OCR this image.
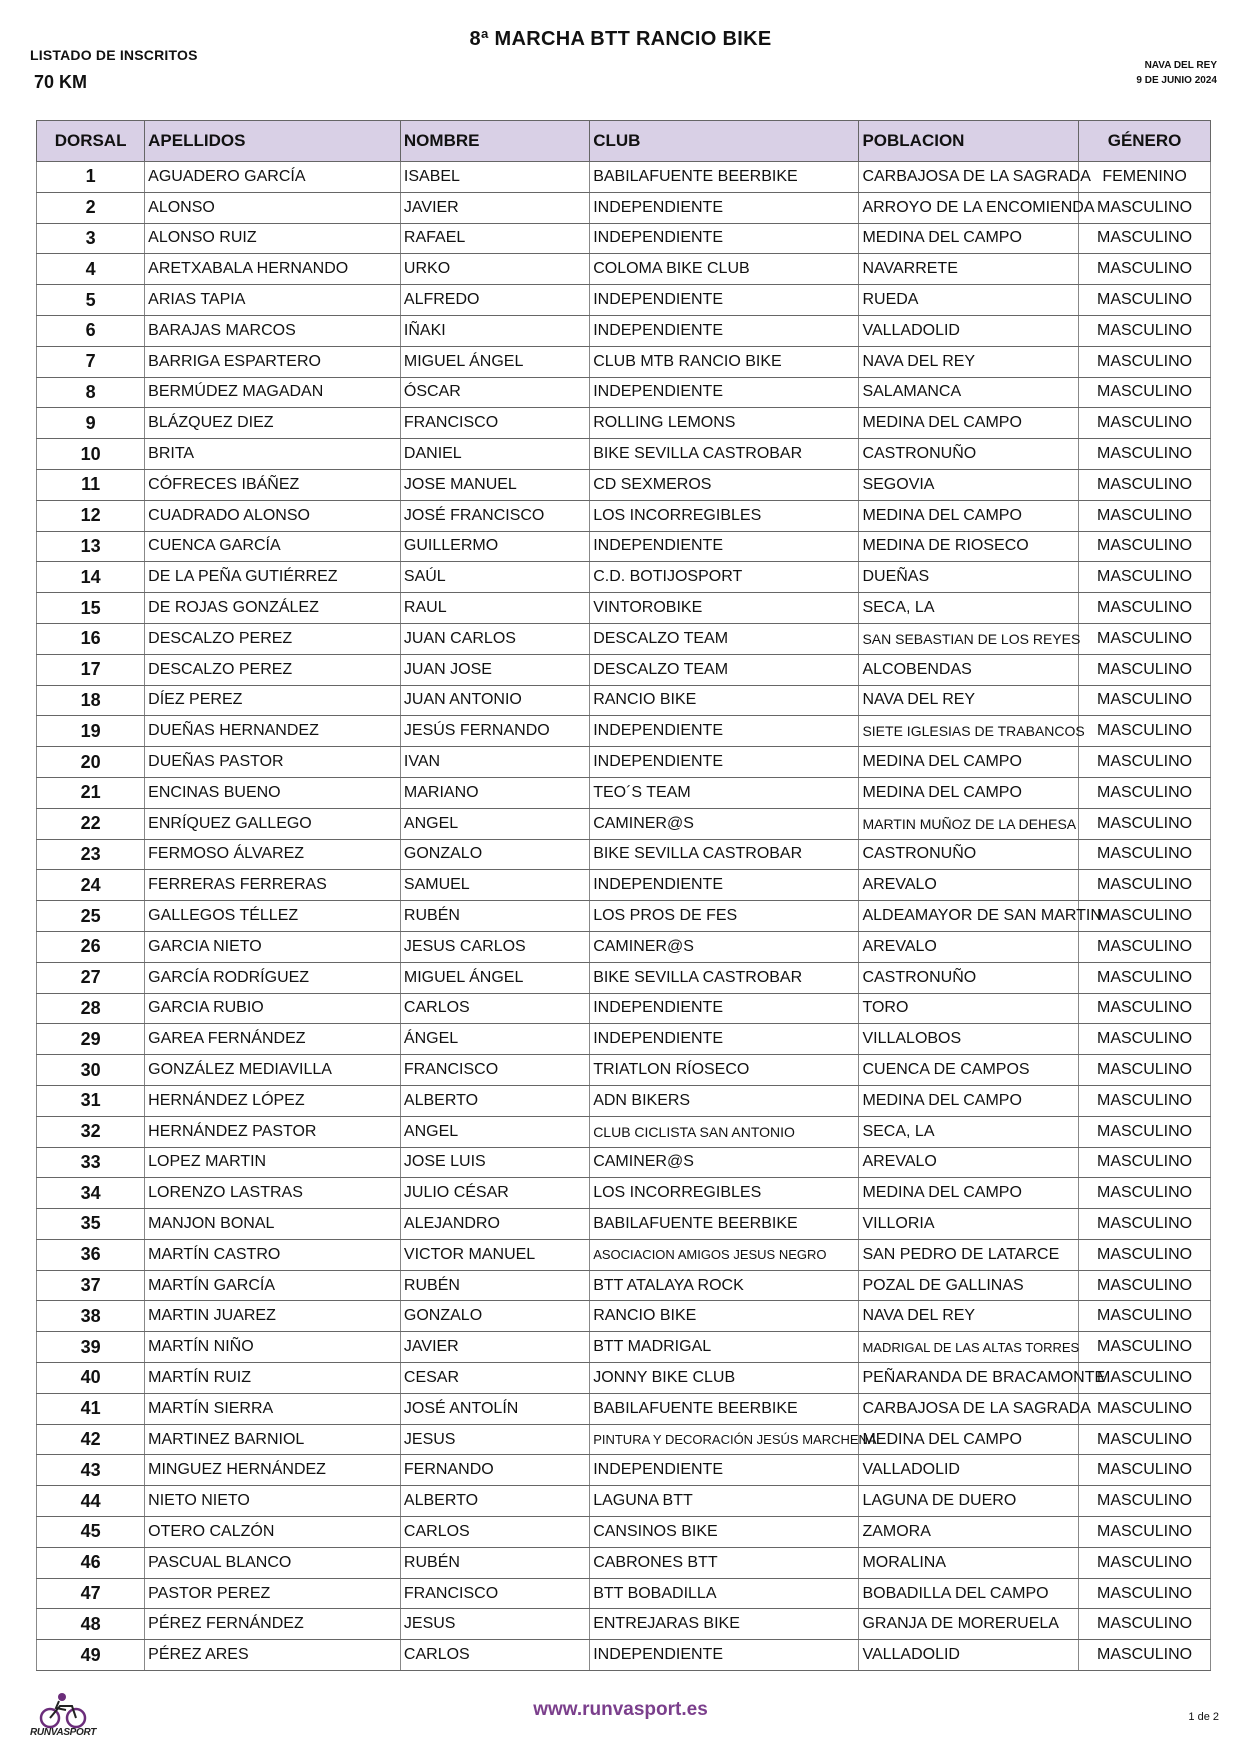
LISTADO DE INSCRITOS
70 KM
8ª MARCHA BTT RANCIO BIKE
NAVA DEL REY
9 DE JUNIO 2024
DORSAL	APELLIDOS	NOMBRE	CLUB	POBLACION	GÉNERO
1	AGUADERO GARCÍA	ISABEL	BABILAFUENTE BEERBIKE	CARBAJOSA DE LA SAGRADA	FEMENINO
2	ALONSO	JAVIER	INDEPENDIENTE	ARROYO DE LA ENCOMIENDA	MASCULINO
3	ALONSO RUIZ	RAFAEL	INDEPENDIENTE	MEDINA DEL CAMPO	MASCULINO
4	ARETXABALA HERNANDO	URKO	COLOMA BIKE CLUB	NAVARRETE	MASCULINO
5	ARIAS TAPIA	ALFREDO	INDEPENDIENTE	RUEDA	MASCULINO
6	BARAJAS MARCOS	IÑAKI	INDEPENDIENTE	VALLADOLID	MASCULINO
7	BARRIGA ESPARTERO	MIGUEL ÁNGEL	CLUB MTB RANCIO BIKE	NAVA DEL REY	MASCULINO
8	BERMÚDEZ MAGADAN	ÓSCAR	INDEPENDIENTE	SALAMANCA	MASCULINO
9	BLÁZQUEZ DIEZ	FRANCISCO	ROLLING LEMONS	MEDINA DEL CAMPO	MASCULINO
10	BRITA	DANIEL	BIKE SEVILLA CASTROBAR	CASTRONUÑO	MASCULINO
11	CÓFRECES IBÁÑEZ	JOSE MANUEL	CD SEXMEROS	SEGOVIA	MASCULINO
12	CUADRADO ALONSO	JOSÉ FRANCISCO	LOS INCORREGIBLES	MEDINA DEL CAMPO	MASCULINO
13	CUENCA GARCÍA	GUILLERMO	INDEPENDIENTE	MEDINA DE RIOSECO	MASCULINO
14	DE LA PEÑA GUTIÉRREZ	SAÚL	C.D. BOTIJOSPORT	DUEÑAS	MASCULINO
15	DE ROJAS GONZÁLEZ	RAUL	VINTOROBIKE	SECA, LA	MASCULINO
16	DESCALZO PEREZ	JUAN CARLOS	DESCALZO TEAM	SAN SEBASTIAN DE LOS REYES	MASCULINO
17	DESCALZO PEREZ	JUAN JOSE	DESCALZO TEAM	ALCOBENDAS	MASCULINO
18	DÍEZ PEREZ	JUAN ANTONIO	RANCIO BIKE	NAVA DEL REY	MASCULINO
19	DUEÑAS HERNANDEZ	JESÚS FERNANDO	INDEPENDIENTE	SIETE IGLESIAS DE TRABANCOS	MASCULINO
20	DUEÑAS PASTOR	IVAN	INDEPENDIENTE	MEDINA DEL CAMPO	MASCULINO
21	ENCINAS BUENO	MARIANO	TEO´S TEAM	MEDINA DEL CAMPO	MASCULINO
22	ENRÍQUEZ GALLEGO	ANGEL	CAMINER@S	MARTIN MUÑOZ DE LA DEHESA	MASCULINO
23	FERMOSO ÁLVAREZ	GONZALO	BIKE SEVILLA CASTROBAR	CASTRONUÑO	MASCULINO
24	FERRERAS FERRERAS	SAMUEL	INDEPENDIENTE	AREVALO	MASCULINO
25	GALLEGOS TÉLLEZ	RUBÉN	LOS PROS DE FES	ALDEAMAYOR DE SAN MARTIN	MASCULINO
26	GARCIA NIETO	JESUS CARLOS	CAMINER@S	AREVALO	MASCULINO
27	GARCÍA RODRÍGUEZ	MIGUEL ÁNGEL	BIKE SEVILLA CASTROBAR	CASTRONUÑO	MASCULINO
28	GARCIA RUBIO	CARLOS	INDEPENDIENTE	TORO	MASCULINO
29	GAREA FERNÁNDEZ	ÁNGEL	INDEPENDIENTE	VILLALOBOS	MASCULINO
30	GONZÁLEZ MEDIAVILLA	FRANCISCO	TRIATLON RÍOSECO	CUENCA DE CAMPOS	MASCULINO
31	HERNÁNDEZ LÓPEZ	ALBERTO	ADN BIKERS	MEDINA DEL CAMPO	MASCULINO
32	HERNÁNDEZ PASTOR	ANGEL	CLUB CICLISTA SAN ANTONIO	SECA, LA	MASCULINO
33	LOPEZ MARTIN	JOSE LUIS	CAMINER@S	AREVALO	MASCULINO
34	LORENZO LASTRAS	JULIO CÉSAR	LOS INCORREGIBLES	MEDINA DEL CAMPO	MASCULINO
35	MANJON BONAL	ALEJANDRO	BABILAFUENTE BEERBIKE	VILLORIA	MASCULINO
36	MARTÍN CASTRO	VICTOR MANUEL	ASOCIACION AMIGOS JESUS NEGRO	SAN PEDRO DE LATARCE	MASCULINO
37	MARTÍN GARCÍA	RUBÉN	BTT ATALAYA ROCK	POZAL DE GALLINAS	MASCULINO
38	MARTIN JUAREZ	GONZALO	RANCIO BIKE	NAVA DEL REY	MASCULINO
39	MARTÍN NIÑO	JAVIER	BTT MADRIGAL	MADRIGAL DE LAS ALTAS TORRES	MASCULINO
40	MARTÍN RUIZ	CESAR	JONNY BIKE CLUB	PEÑARANDA DE BRACAMONTE	MASCULINO
41	MARTÍN SIERRA	JOSÉ ANTOLÍN	BABILAFUENTE BEERBIKE	CARBAJOSA DE LA SAGRADA	MASCULINO
42	MARTINEZ BARNIOL	JESUS	PINTURA Y DECORACIÓN JESÚS MARCHENA	MEDINA DEL CAMPO	MASCULINO
43	MINGUEZ HERNÁNDEZ	FERNANDO	INDEPENDIENTE	VALLADOLID	MASCULINO
44	NIETO NIETO	ALBERTO	LAGUNA BTT	LAGUNA DE DUERO	MASCULINO
45	OTERO CALZÓN	CARLOS	CANSINOS BIKE	ZAMORA	MASCULINO
46	PASCUAL BLANCO	RUBÉN	CABRONES BTT	MORALINA	MASCULINO
47	PASTOR PEREZ	FRANCISCO	BTT BOBADILLA	BOBADILLA DEL CAMPO	MASCULINO
48	PÉREZ FERNÁNDEZ	JESUS	ENTREJARAS BIKE	GRANJA DE MORERUELA	MASCULINO
49	PÉREZ ARES	CARLOS	INDEPENDIENTE	VALLADOLID	MASCULINO
RUNVASPORT
www.runvasport.es	1 de 2
